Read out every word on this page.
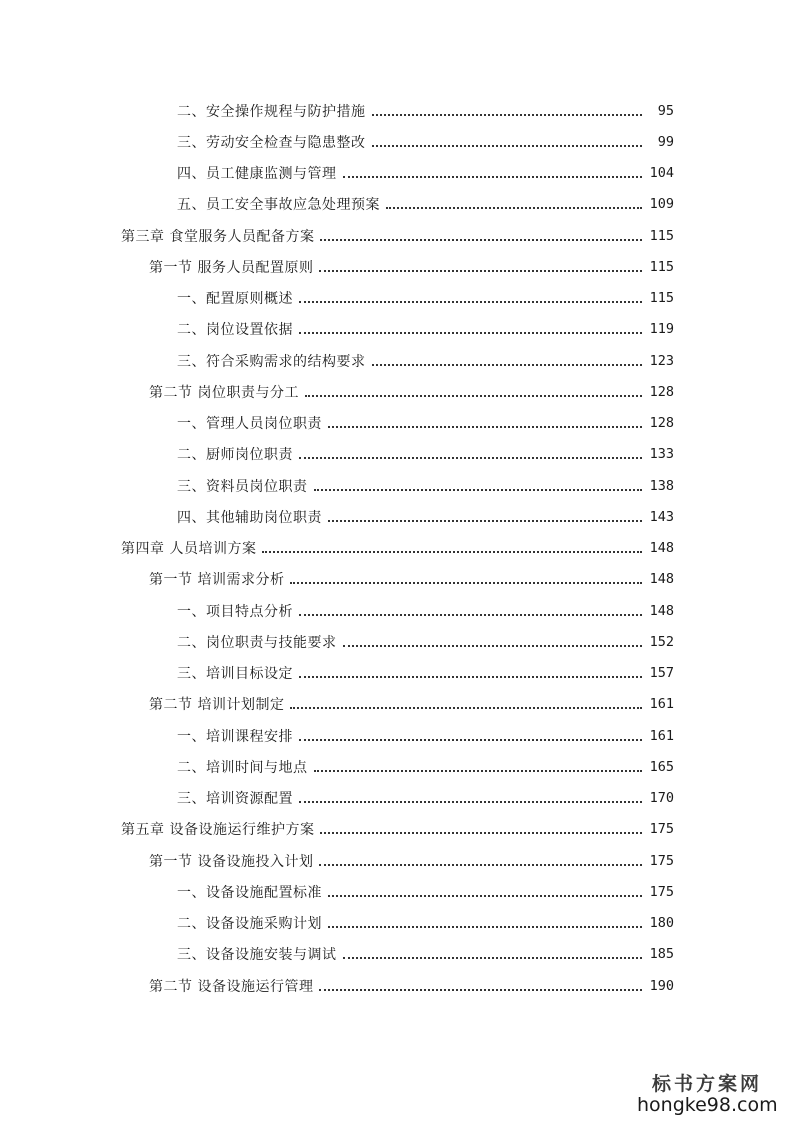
二、安全操作规程与防护措施	95
三、劳动安全检查与隐患整改	99
四、员工健康监测与管理	104
五、员工安全事故应急处理预案	109
第三章 食堂服务人员配备方案	115
第一节 服务人员配置原则	115
一、配置原则概述	115
二、岗位设置依据	119
三、符合采购需求的结构要求	123
第二节 岗位职责与分工	128
一、管理人员岗位职责	128
二、厨师岗位职责	133
三、资料员岗位职责	138
四、其他辅助岗位职责	143
第四章 人员培训方案	148
第一节 培训需求分析	148
一、项目特点分析	148
二、岗位职责与技能要求	152
三、培训目标设定	157
第二节 培训计划制定	161
一、培训课程安排	161
二、培训时间与地点	165
三、培训资源配置	170
第五章 设备设施运行维护方案	175
第一节 设备设施投入计划	175
一、设备设施配置标准	175
二、设备设施采购计划	180
三、设备设施安装与调试	185
第二节 设备设施运行管理	190
标书方案网
hongke98.com
